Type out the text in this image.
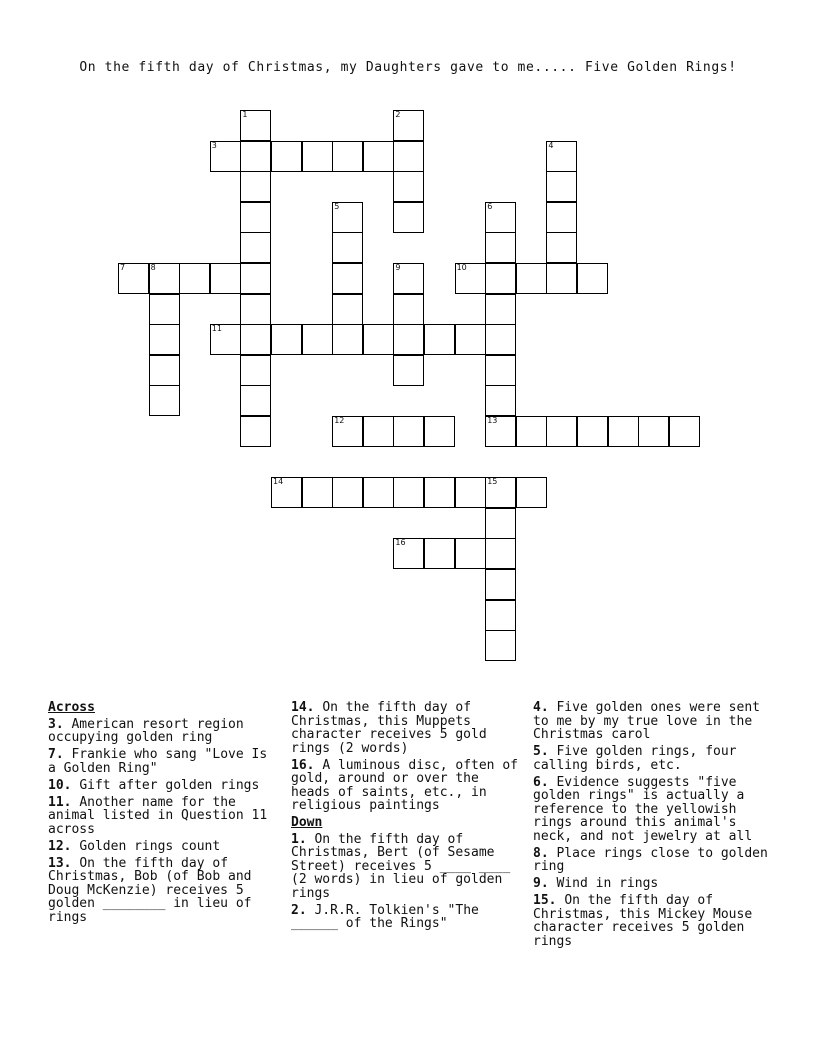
On the fifth day of Christmas, my Daughters gave to me..... Five Golden Rings!
1	2
3	4
5	6
13
7	8	9	10
11
12
14	15
16
Across
3. American resort region occupying golden ring
7. Frankie who sang "Love Is a Golden Ring"
10. Gift after golden rings
11. Another name for the animal listed in Question 11 across
12. Golden rings count
13. On the fifth day of Christmas, Bob (of Bob and Doug McKenzie) receives 5 golden ________ in lieu of rings
14. On the fifth day of Christmas, this Muppets character receives 5 gold rings (2 words)
16. A luminous disc, often of gold, around or over the heads of saints, etc., in religious paintings
Down
1. On the fifth day of Christmas, Bert (of Sesame Street) receives 5 ____ ____ (2 words) in lieu of golden rings
2. J.R.R. Tolkien's "The ______ of the Rings"
4. Five golden ones were sent to me by my true love in the Christmas carol
5. Five golden rings, four calling birds, etc.
6. Evidence suggests "five golden rings" is actually a reference to the yellowish rings around this animal's neck, and not jewelry at all
8. Place rings close to golden ring
9. Wind in rings
15. On the fifth day of Christmas, this Mickey Mouse character receives 5 golden rings
